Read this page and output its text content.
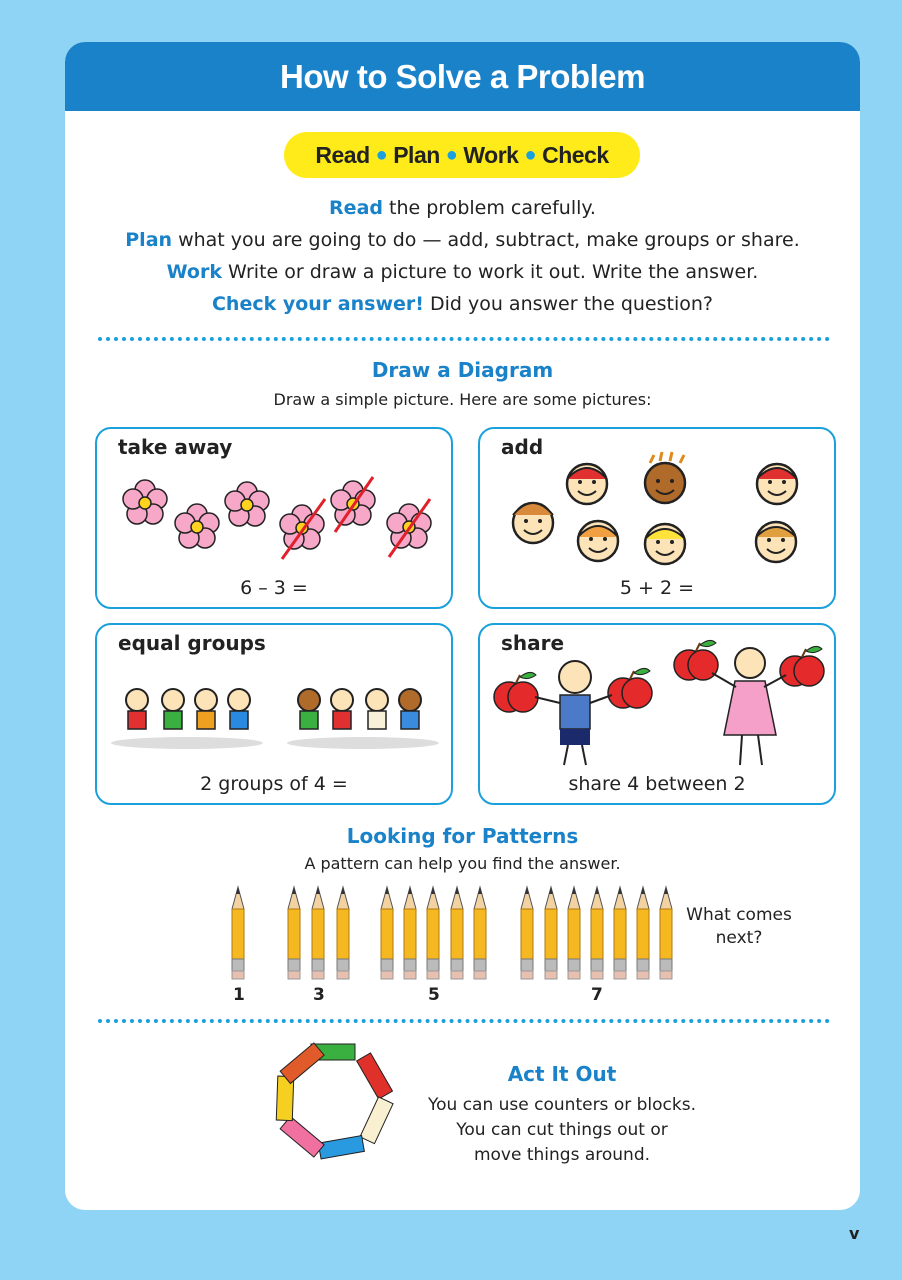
How to Solve a Problem
Read ● Plan ● Work ● Check
Read the problem carefully.
Plan what you are going to do — add, subtract, make groups or share.
Work Write or draw a picture to work it out. Write the answer.
Check your answer! Did you answer the question?
Draw a Diagram
Draw a simple picture. Here are some pictures:
take away
6 – 3 =
add
5 + 2 =
equal groups
2 groups of 4 =
share
share 4 between 2
Looking for Patterns
A pattern can help you find the answer.
1	3	5	7
What comes
next?
Act It Out
You can use counters or blocks.
You can cut things out or
move things around.
v
